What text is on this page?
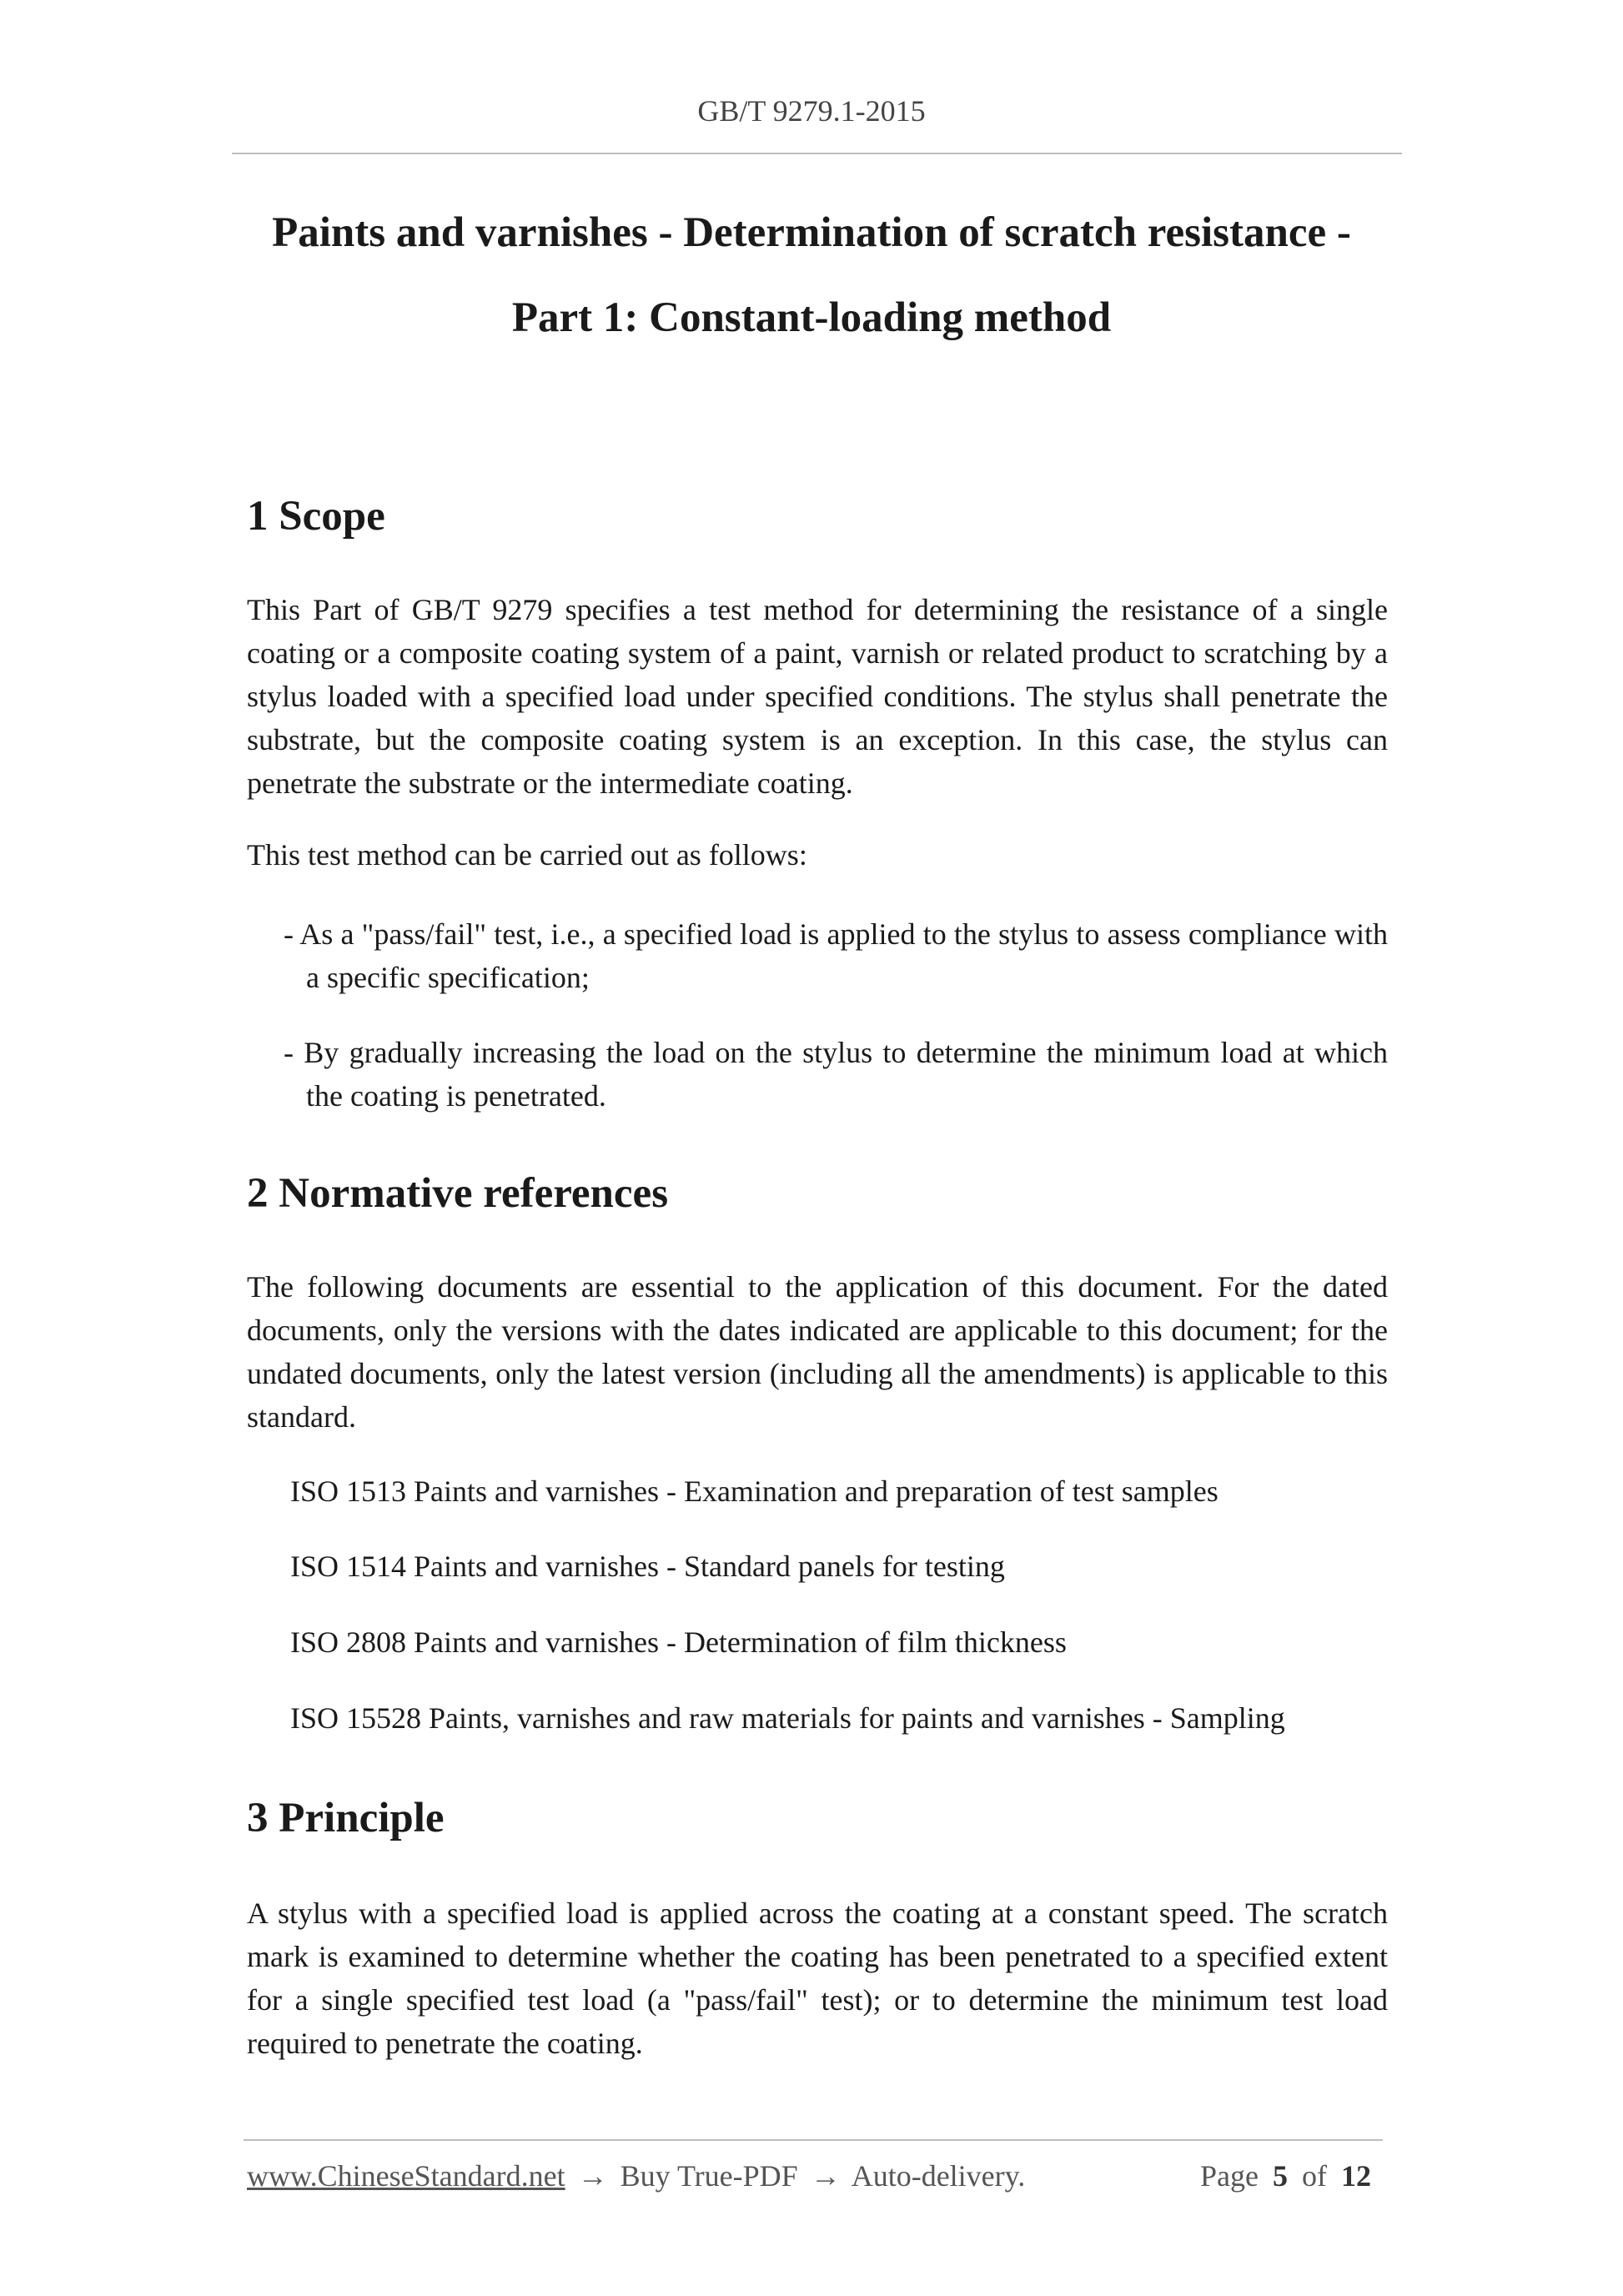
GB/T 9279.1-2015
Paints and varnishes - Determination of scratch resistance -
Part 1: Constant-loading method
1 Scope

This Part of GB/T 9279 specifies a test method for determining the resistance of a single coating or a composite coating system of a paint, varnish or related product to scratching by a stylus loaded with a specified load under specified conditions. The stylus shall penetrate the substrate, but the composite coating system is an exception. In this case, the stylus can penetrate the substrate or the intermediate coating.

This test method can be carried out as follows:

- As a "pass/fail" test, i.e., a specified load is applied to the stylus to assess compliance with a specific specification;

- By gradually increasing the load on the stylus to determine the minimum load at which the coating is penetrated.

2 Normative references

The following documents are essential to the application of this document. For the dated documents, only the versions with the dates indicated are applicable to this document; for the undated documents, only the latest version (including all the amendments) is applicable to this standard.

ISO 1513 Paints and varnishes - Examination and preparation of test samples

ISO 1514 Paints and varnishes - Standard panels for testing

ISO 2808 Paints and varnishes - Determination of film thickness

ISO 15528 Paints, varnishes and raw materials for paints and varnishes - Sampling

3 Principle

A stylus with a specified load is applied across the coating at a constant speed. The scratch mark is examined to determine whether the coating has been penetrated to a specified extent for a single specified test load (a "pass/fail" test); or to determine the minimum test load required to penetrate the coating.

www.ChineseStandard.net → Buy True-PDF → Auto-delivery.	Page 5 of 12
